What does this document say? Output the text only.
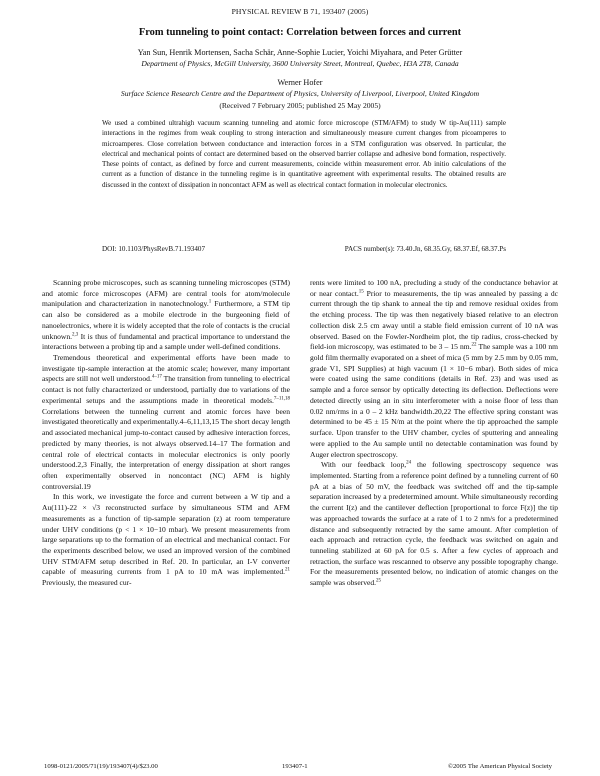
PHYSICAL REVIEW B 71, 193407 (2005)
From tunneling to point contact: Correlation between forces and current
Yan Sun, Henrik Mortensen, Sacha Schär, Anne-Sophie Lucier, Yoichi Miyahara, and Peter Grütter
Department of Physics, McGill University, 3600 University Street, Montreal, Quebec, H3A 2T8, Canada
Werner Hofer
Surface Science Research Centre and the Department of Physics, University of Liverpool, Liverpool, United Kingdom
(Received 7 February 2005; published 25 May 2005)
We used a combined ultrahigh vacuum scanning tunneling and atomic force microscope (STM/AFM) to study W tip-Au(111) sample interactions in the regimes from weak coupling to strong interaction and simultaneously measure current changes from picoamperes to microamperes. Close correlation between conductance and interaction forces in a STM configuration was observed. In particular, the electrical and mechanical points of contact are determined based on the observed barrier collapse and adhesive bond formation, respectively. These points of contact, as defined by force and current measurements, coincide within measurement error. Ab initio calculations of the current as a function of distance in the tunneling regime is in quantitative agreement with experimental results. The obtained results are discussed in the context of dissipation in noncontact AFM as well as electrical contact formation in molecular electronics.
DOI: 10.1103/PhysRevB.71.193407	PACS number(s): 73.40.Jn, 68.35.Gy, 68.37.Ef, 68.37.Ps

Scanning probe microscopes, such as scanning tunneling microscopes (STM) and atomic force microscopes (AFM) are central tools for atom/molecule manipulation and characterization in nanotechnology.$^1$ Furthermore, a STM tip can also be considered as a mobile electrode in the burgeoning field of nanoelectronics, where it is widely accepted that the role of contacts is the crucial unknown.$^{2,3}$ It is thus of fundamental and practical importance to understand the interactions between a probing tip and a sample under well-defined conditions.

Tremendous theoretical and experimental efforts have been made to investigate tip-sample interaction at the atomic scale; however, many important aspects are still not well understood.$^{4-17}$ The transition from tunneling to electrical contact is not fully characterized or understood, partially due to variations of the experimental setups and the assumptions made in theoretical models.$^{7-11,18}$ Correlations between the tunneling current and atomic forces have been investigated theoretically and experimentally.4–6,11,13,15 The short decay length and associated mechanical jump-to-contact caused by adhesive interaction forces, predicted by many theories, is not always observed.14–17 The formation and central role of electrical contacts in molecular electronics is only poorly understood.2,3 Finally, the interpretation of energy dissipation at short ranges often experimentally observed in noncontact (NC) AFM is highly controversial.19

In this work, we investigate the force and current between a W tip and a Au(111)-22 × √3 reconstructed surface by simultaneous STM and AFM measurements as a function of tip-sample separation (z) at room temperature under UHV conditions (p < 1 × 10−10 mbar). We present measurements from large separations up to the formation of an electrical and mechanical contact. For the experiments described below, we used an improved version of the combined UHV STM/AFM setup described in Ref. 20. In particular, an I-V converter capable of measuring currents from 1 pA to 10 mA was implemented.$^{21}$ Previously, the measured cur-

rents were limited to 100 nA, precluding a study of the conductance behavior at or near contact.$^{15}$ Prior to measurements, the tip was annealed by passing a dc current through the tip shank to anneal the tip and remove residual oxides from the etching process. The tip was then negatively biased relative to an electron collection disk 2.5 cm away until a stable field emission current of 10 nA was observed. Based on the Fowler-Nordheim plot, the tip radius, cross-checked by field-ion microscopy, was estimated to be 3 – 15 nm.$^{22}$ The sample was a 100 nm gold film thermally evaporated on a sheet of mica (5 mm by 2.5 mm by 0.05 mm, grade V1, SPI Supplies) at high vacuum (1 × 10−6 mbar). Both sides of mica were coated using the same conditions (details in Ref. 23) and was used as sample and a force sensor by optically detecting its deflection. Deflections were detected directly using an in situ interferometer with a noise floor of less than 0.02 nm/rms in a 0 – 2 kHz bandwidth.20,22 The effective spring constant was determined to be 45 ± 15 N/m at the point where the tip approached the sample surface. Upon transfer to the UHV chamber, cycles of sputtering and annealing were applied to the Au sample until no detectable contamination was found by Auger electron spectroscopy.

With our feedback loop,$^{24}$ the following spectroscopy sequence was implemented. Starting from a reference point defined by a tunneling current of 60 pA at a bias of 50 mV, the feedback was switched off and the tip-sample separation increased by a predetermined amount. While simultaneously recording the current I(z) and the cantilever deflection [proportional to force F(z)] the tip was approached towards the surface at a rate of 1 to 2 nm/s for a predetermined distance and subsequently retracted by the same amount. After completion of each approach and retraction cycle, the feedback was switched on again and tunneling stabilized at 60 pA for 0.5 s. After a few cycles of approach and retraction, the surface was rescanned to observe any possible topography change. For the measurements presented below, no indication of atomic changes on the sample was observed.$^{25}$

1098-0121/2005/71(19)/193407(4)/$23.00	193407-1	©2005 The American Physical Society
